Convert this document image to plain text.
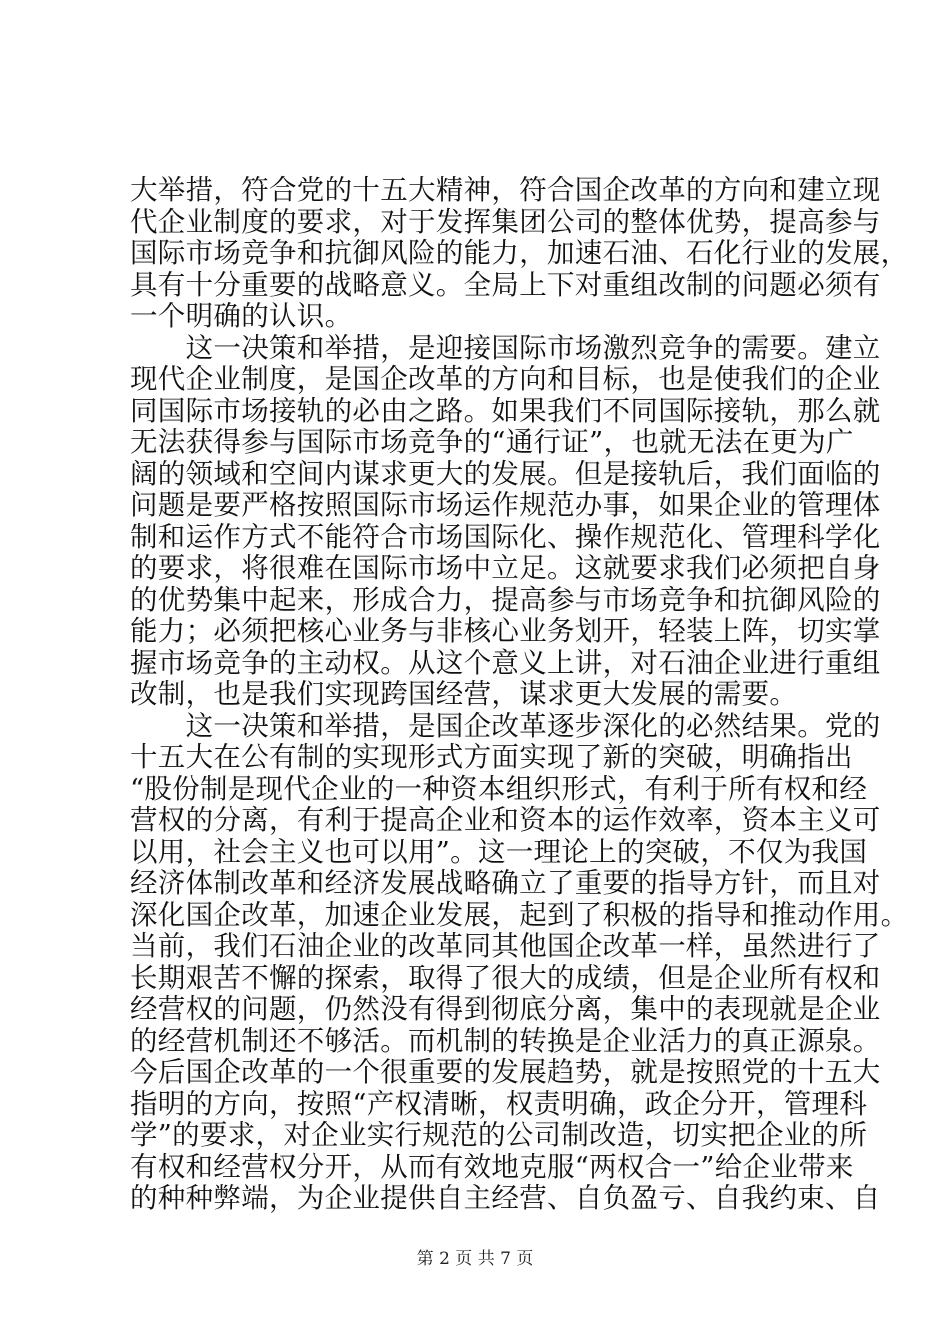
大举措，符合党的十五大精神，符合国企改革的方向和建立现
代企业制度的要求，对于发挥集团公司的整体优势，提高参与
国际市场竞争和抗御风险的能力，加速石油、石化行业的发展，
具有十分重要的战略意义。全局上下对重组改制的问题必须有
一个明确的认识。
　　这一决策和举措，是迎接国际市场激烈竞争的需要。建立
现代企业制度，是国企改革的方向和目标，也是使我们的企业
同国际市场接轨的必由之路。如果我们不同国际接轨，那么就
无法获得参与国际市场竞争的“通行证”，也就无法在更为广
阔的领域和空间内谋求更大的发展。但是接轨后，我们面临的
问题是要严格按照国际市场运作规范办事，如果企业的管理体
制和运作方式不能符合市场国际化、操作规范化、管理科学化
的要求，将很难在国际市场中立足。这就要求我们必须把自身
的优势集中起来，形成合力，提高参与市场竞争和抗御风险的
能力；必须把核心业务与非核心业务划开，轻装上阵，切实掌
握市场竞争的主动权。从这个意义上讲，对石油企业进行重组
改制，也是我们实现跨国经营，谋求更大发展的需要。
　　这一决策和举措，是国企改革逐步深化的必然结果。党的
十五大在公有制的实现形式方面实现了新的突破，明确指出
“股份制是现代企业的一种资本组织形式，有利于所有权和经
营权的分离，有利于提高企业和资本的运作效率，资本主义可
以用，社会主义也可以用”。这一理论上的突破，不仅为我国
经济体制改革和经济发展战略确立了重要的指导方针，而且对
深化国企改革，加速企业发展，起到了积极的指导和推动作用。
当前，我们石油企业的改革同其他国企改革一样，虽然进行了
长期艰苦不懈的探索，取得了很大的成绩，但是企业所有权和
经营权的问题，仍然没有得到彻底分离，集中的表现就是企业
的经营机制还不够活。而机制的转换是企业活力的真正源泉。
今后国企改革的一个很重要的发展趋势，就是按照党的十五大
指明的方向，按照“产权清晰，权责明确，政企分开，管理科
学”的要求，对企业实行规范的公司制改造，切实把企业的所
有权和经营权分开，从而有效地克服“两权合一”给企业带来
的种种弊端，为企业提供自主经营、自负盈亏、自我约束、自
第 2 页 共 7 页
